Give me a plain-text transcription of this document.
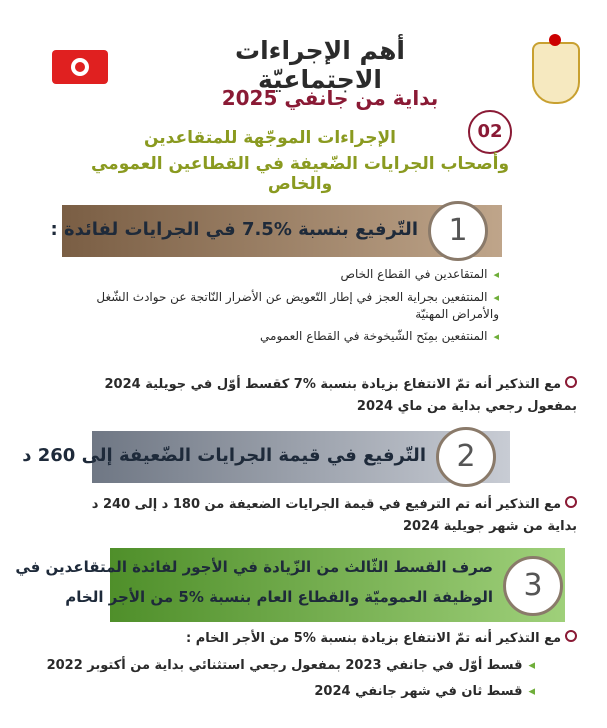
أهم الإجراءات الاجتماعيّة
بداية من جانفي 2025
02
الإجراءات الموجّهة للمتقاعدين
وأصحاب الجرايات الضّعيفة في القطاعين العمومي والخاص
1
التّرفيع بنسبة %7.5 في الجرايات لفائدة :
◂ المتقاعدين في القطاع الخاص
◂ المنتفعين بجراية العجز في إطار التّعويض عن الأضرار النّاتجة عن حوادث الشّغل والأمراض المهنيّة
◂ المنتفعين بمِنَح الشّيخوخة في القطاع العمومي
مع التذكير أنه تمّ الانتفاع بزيادة بنسبة %7 كقسط أوّل في جويلية 2024 بمفعول رجعي بداية من ماي 2024
2
التّرفيع في قيمة الجرايات الضّعيفة إلى 260 د
مع التذكير أنه تم الترفيع في قيمة الجرايات الضعيفة من 180 د إلى 240 د بداية من شهر جويلية 2024
3
صرف القسط الثّالث من الزّيادة في الأجور لفائدة المتقاعدين في
الوظيفة العموميّة والقطاع العام بنسبة %5 من الأجر الخام
مع التذكير أنه تمّ الانتفاع بزيادة بنسبة %5 من الأجر الخام :
◂ قسط أوّل في جانفي 2023 بمفعول رجعي استثنائي بداية من أكتوبر 2022
◂ قسط ثان في شهر جانفي 2024
